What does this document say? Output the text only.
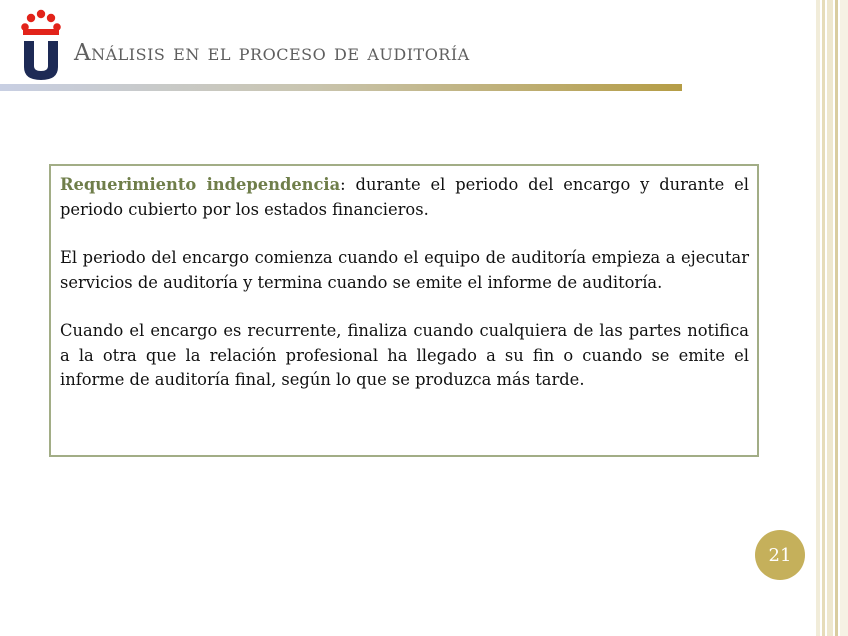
Análisis en el proceso de auditoría

Requerimiento independencia: durante el periodo del encargo y durante el periodo cubierto por los estados financieros.

El periodo del encargo comienza cuando el equipo de auditoría empieza a ejecutar servicios de auditoría y termina cuando se emite el informe de auditoría.

Cuando el encargo es recurrente, finaliza cuando cualquiera de las partes notifica a la otra que la relación profesional ha llegado a su fin o cuando se emite el informe de auditoría final, según lo que se produzca más tarde.

21
